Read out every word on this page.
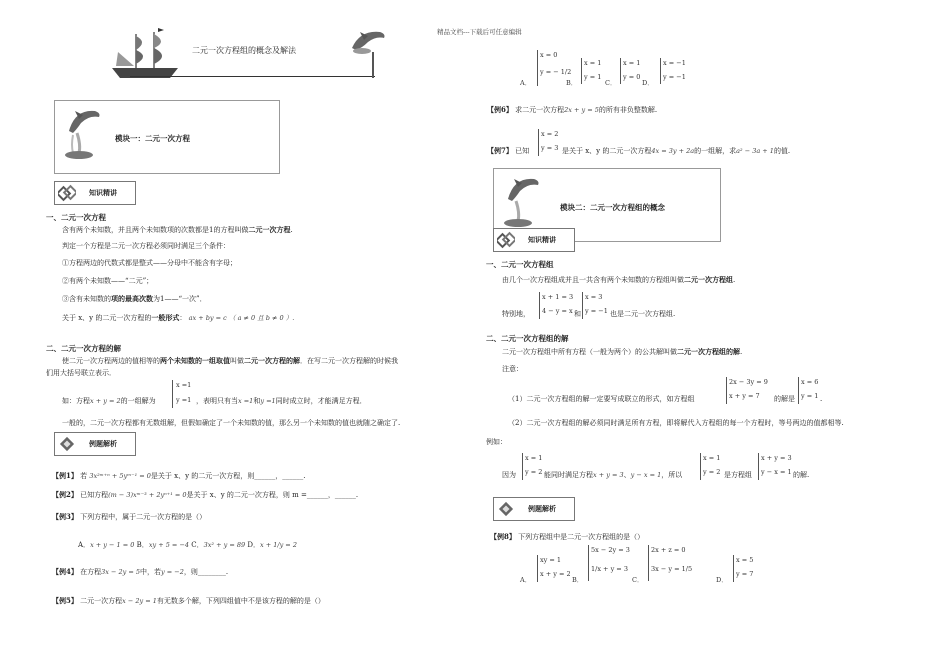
精品文档---下载后可任意编辑
二元一次方程组的概念及解法
模块一：二元一次方程
知识精讲
一、二元一次方程
含有两个未知数，并且两个未知数项的次数都是1的方程叫做二元一次方程.
判定一个方程是二元一次方程必须同时满足三个条件：
①方程两边的代数式都是整式——分母中不能含有字母；
②有两个未知数——“二元”；
③含有未知数的项的最高次数为1——“一次”．
关于 x、y 的二元一次方程的一般形式： ax + by = c （ a ≠ 0 且 b ≠ 0 ）.
二、二元一次方程的解
使二元一次方程两边的值相等的两个未知数的一组取值叫做二元一次方程的解．在写二元一次方程解的时候我
们用大括号联立表示．
如：方程x + y = 2的一组解为
x =1
y =1 ，表明只有当x =1和y =1同时成立时，才能满足方程．
一般的，二元一次方程都有无数组解，但假如确定了一个未知数的值，那么另一个未知数的值也就随之确定了.
例题解析
【例1】 若 3x²ᵐ⁺ⁿ + 5yᵐ⁻¹ = 0是关于 x、y 的二元一次方程，则______，______.
【例2】 已知方程(m − 3)xᵐ⁻³ + 2yⁿ⁺¹ = 0是关于 x、y 的二元一次方程，则 m =______，______.
【例3】 下列方程中，属于二元一次方程的是（）
A．x + y − 1 = 0 B．xy + 5 = −4 C．3x² + y = 89 D．x + 1/y = 2
【例4】 在方程3x − 2y = 5中，若y = −2，则________.
【例5】 二元一次方程x − 2y = 1有无数多个解，下列四组值中不是该方程的解的是（）
A．
x = 0
y = − 1/2
B．
x = 1
y = 1
C．
x = 1
y = 0
D．
x = −1
y = −1
【例6】 求二元一次方程2x + y = 5的所有非负整数解.
【例7】 已知
x = 2
y = 3 是关于 x、y 的二元一次方程4x = 3y + 2a的一组解，求a² − 3a + 1的值.
模块二：二元一次方程组的概念
知识精讲
一、二元一次方程组
由几个一次方程组成并且一共含有两个未知数的方程组叫做二元一次方程组.
特别地，
x + 1 = 3
4 − y = x 和
x = 3
y = −1 也是二元一次方程组.
二、二元一次方程组的解
二元一次方程组中所有方程（一般为两个）的公共解叫做二元一次方程组的解.
注意：
（1）二元一次方程组的解一定要写成联立的形式，如方程组
2x − 3y = 9
x + y = 7 的解是
x = 6
y = 1 .
（2）二元一次方程组的解必须同时满足所有方程，即将解代入方程组的每一个方程时，等号两边的值都相等.
例如：
因为
x = 1
y = 2 能同时满足方程x + y = 3、y − x = 1，所以
x = 1
y = 2 是方程组
x + y = 3
y − x = 1 的解.
例题解析
【例8】 下列方程组中是二元一次方程组的是（）
A．
xy = 1
x + y = 2
B．
5x − 2y = 3
1/x + y = 3
C．
2x + z = 0
3x − y = 1/5
D．
x = 5
y = 7
